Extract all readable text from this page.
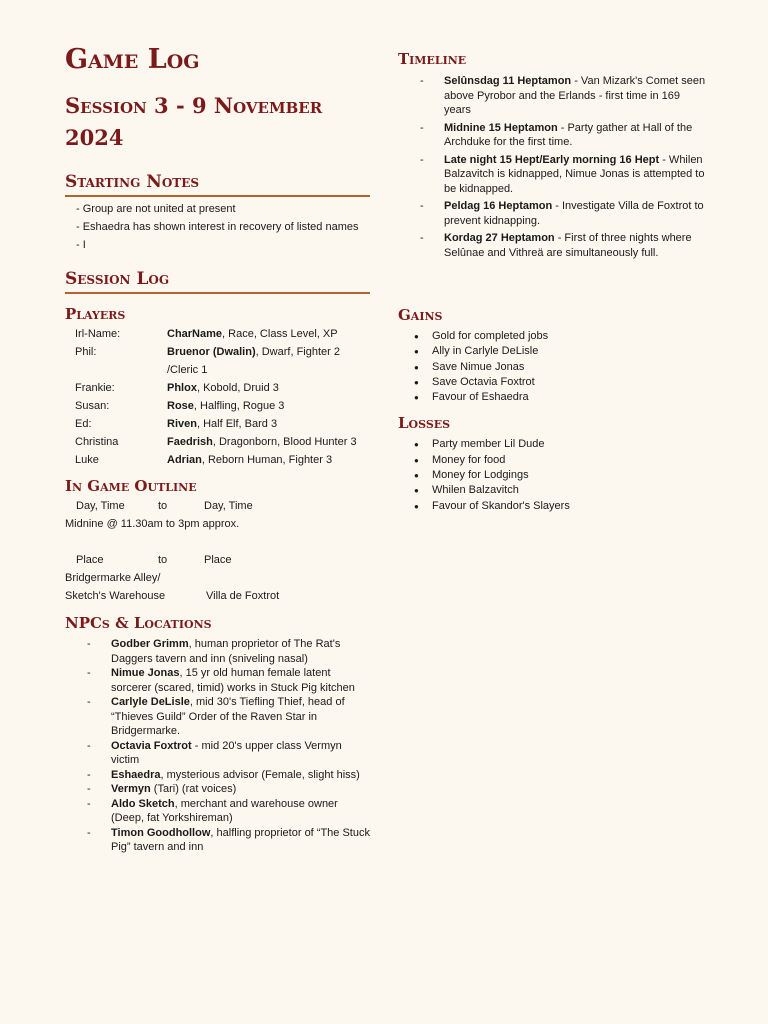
Game Log
Session 3 - 9 November 2024
Starting Notes
- Group are not united at present
- Eshaedra has shown interest in recovery of listed names
- I
Session Log
Players
Irl-Name:	CharName, Race, Class Level, XP
Phil:	Bruenor (Dwalin), Dwarf, Fighter 2 /Cleric 1
Frankie:	Phlox, Kobold, Druid 3
Susan:	Rose, Halfling, Rogue 3
Ed:	Riven, Half Elf, Bard 3
Christina	Faedrish, Dragonborn, Blood Hunter 3
Luke	Adrian, Reborn Human, Fighter 3
In Game Outline
Day, Time	to	Day, Time
Midnine @ 11.30am to 3pm approx.
Place	to	Place
Bridgermarke Alley/
Sketch's Warehouse	Villa de Foxtrot
NPCs & Locations
- Godber Grimm, human proprietor of The Rat's Daggers tavern and inn (sniveling nasal)
- Nimue Jonas, 15 yr old human female latent sorcerer (scared, timid) works in Stuck Pig kitchen
- Carlyle DeLisle, mid 30's Tiefling Thief, head of “Thieves Guild” Order of the Raven Star in Bridgermarke.
- Octavia Foxtrot - mid 20's upper class Vermyn victim
- Eshaedra, mysterious advisor (Female, slight hiss)
- Vermyn (Tari) (rat voices)
- Aldo Sketch, merchant and warehouse owner (Deep, fat Yorkshireman)
- Timon Goodhollow, halfling proprietor of “The Stuck Pig” tavern and inn
Timeline
- Selûnsdag 11 Heptamon - Van Mizark's Comet seen above Pyrobor and the Erlands - first time in 169 years
- Midnine 15 Heptamon - Party gather at Hall of the Archduke for the first time.
- Late night 15 Hept/Early morning 16 Hept - Whilen Balzavitch is kidnapped, Nimue Jonas is attempted to be kidnapped.
- Peldag 16 Heptamon - Investigate Villa de Foxtrot to prevent kidnapping.
- Kordag 27 Heptamon - First of three nights where Selûnae and Vithreä are simultaneously full.
Gains
● Gold for completed jobs
● Ally in Carlyle DeLisle
● Save Nimue Jonas
● Save Octavia Foxtrot
● Favour of Eshaedra
Losses
● Party member Lil Dude
● Money for food
● Money for Lodgings
● Whilen Balzavitch
● Favour of Skandor's Slayers
